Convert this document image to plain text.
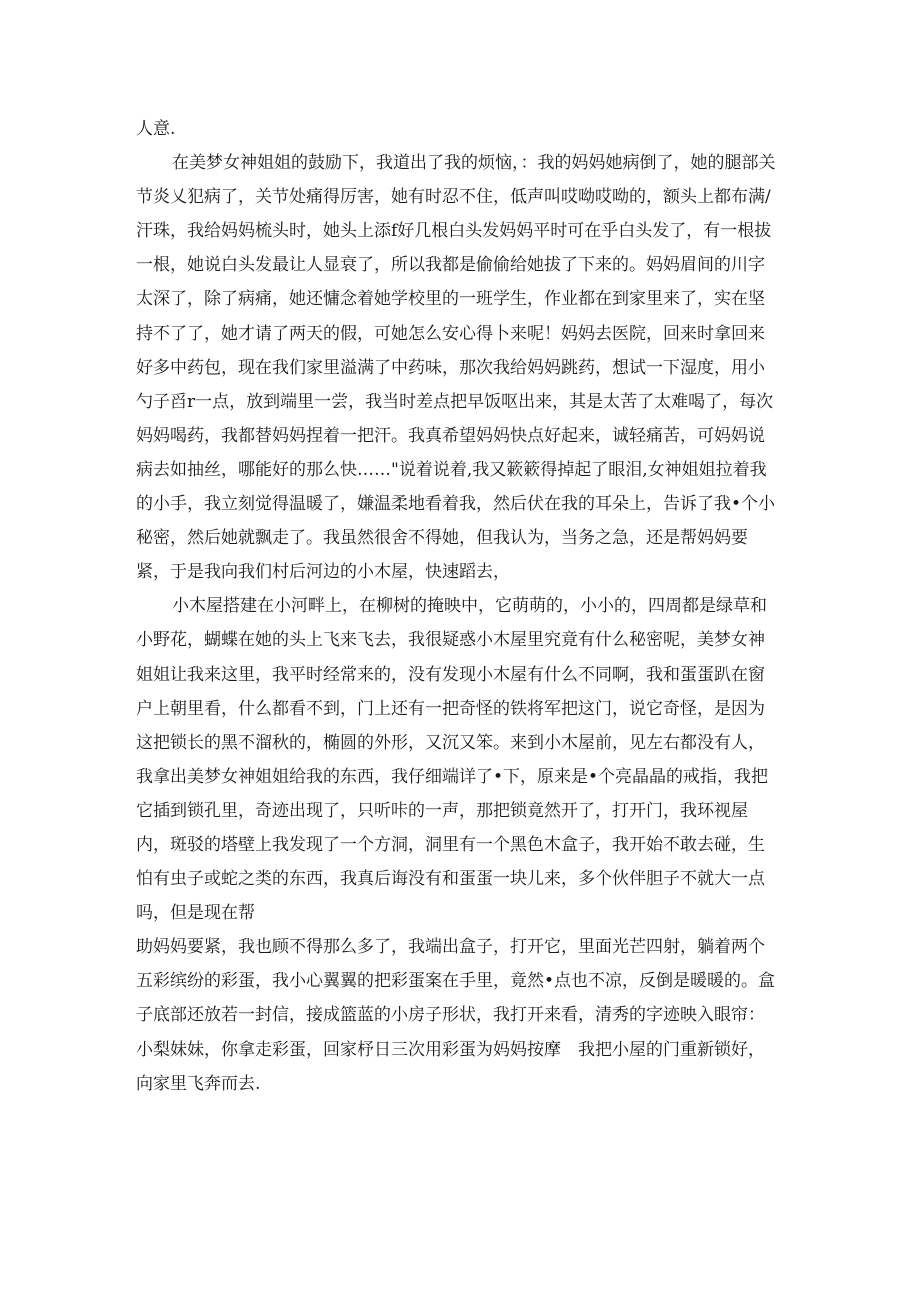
人意.
在美梦女神姐姐的鼓励下，我道出了我的烦恼，：我的妈妈她病倒了，她的腿部关
节炎乂犯病了，关节处痛得厉害，她有时忍不住，低声叫哎呦哎呦的，额头上都布满/
汗珠，我给妈妈梳头时，她头上添f好几根白头发妈妈平时可在乎白头发了，有一根拔
一根，她说白头发最让人显衰了，所以我都是偷偷给她拔了下来的。妈妈眉间的川字
太深了，除了病痛，她还慵念着她学校里的一班学生，作业都在到家里来了，实在坚
持不了了，她才请了两天的假，可她怎么安心得卜来呢！妈妈去医院，回来时拿回来
好多中药包，现在我们家里溢满了中药味，那次我给妈妈跳药，想试一下湿度，用小
勺子舀r一点，放到端里一尝，我当时差点把早饭呕出来，其是太苦了太难喝了，每次
妈妈喝药，我都替妈妈捏着一把汗。我真希望妈妈快点好起来，诚轻痛苦，可妈妈说
病去如抽丝，哪能好的那么快……"说着说着,我又簌簌得掉起了眼泪,女神姐姐拉着我
的小手，我立刻觉得温暖了，嫌温柔地看着我，然后伏在我的耳朵上，告诉了我•个小
秘密，然后她就飘走了。我虽然很舍不得她，但我认为，当务之急，还是帮妈妈要
紧，于是我向我们村后河边的小木屋，快速蹈去，
小木屋搭建在小河畔上，在柳树的掩映中，它萌萌的，小小的，四周都是绿草和
小野花，蝴蝶在她的头上飞来飞去，我很疑惑小木屋里究竟有什么秘密呢，美梦女神
姐姐让我来这里，我平时经常来的，没有发现小木屋有什么不同啊，我和蛋蛋趴在窗
户上朝里看，什么都看不到，门上还有一把奇怪的铁将军把这门，说它奇怪，是因为
这把锁长的黑不溜秋的，椭圆的外形，又沉又笨。来到小木屋前，见左右都没有人，
我拿出美梦女神姐姐给我的东西，我仔细端详了•下，原来是•个亮晶晶的戒指，我把
它插到锁孔里，奇迹出现了，只听咔的一声，那把锁竟然开了，打开门，我环视屋
内，斑驳的塔壁上我发现了一个方洞，洞里有一个黑色木盒子，我开始不敢去碰，生
怕有虫子或蛇之类的东西，我真后诲没有和蛋蛋一块儿来，多个伙伴胆子不就大一点
吗，但是现在帮
助妈妈要紧，我也顾不得那么多了，我端出盒子，打开它，里面光芒四射，躺着两个
五彩缤纷的彩蛋，我小心翼翼的把彩蛋案在手里，竟然•点也不凉，反倒是暖暖的。盒
子底部还放若一封信，接成篮蓝的小房子形状，我打开来看，清秀的字迹映入眼帘：
小梨妹妹，你拿走彩蛋，回家杼日三次用彩蛋为妈妈按摩　我把小屋的门重新锁好，
向家里飞奔而去.
